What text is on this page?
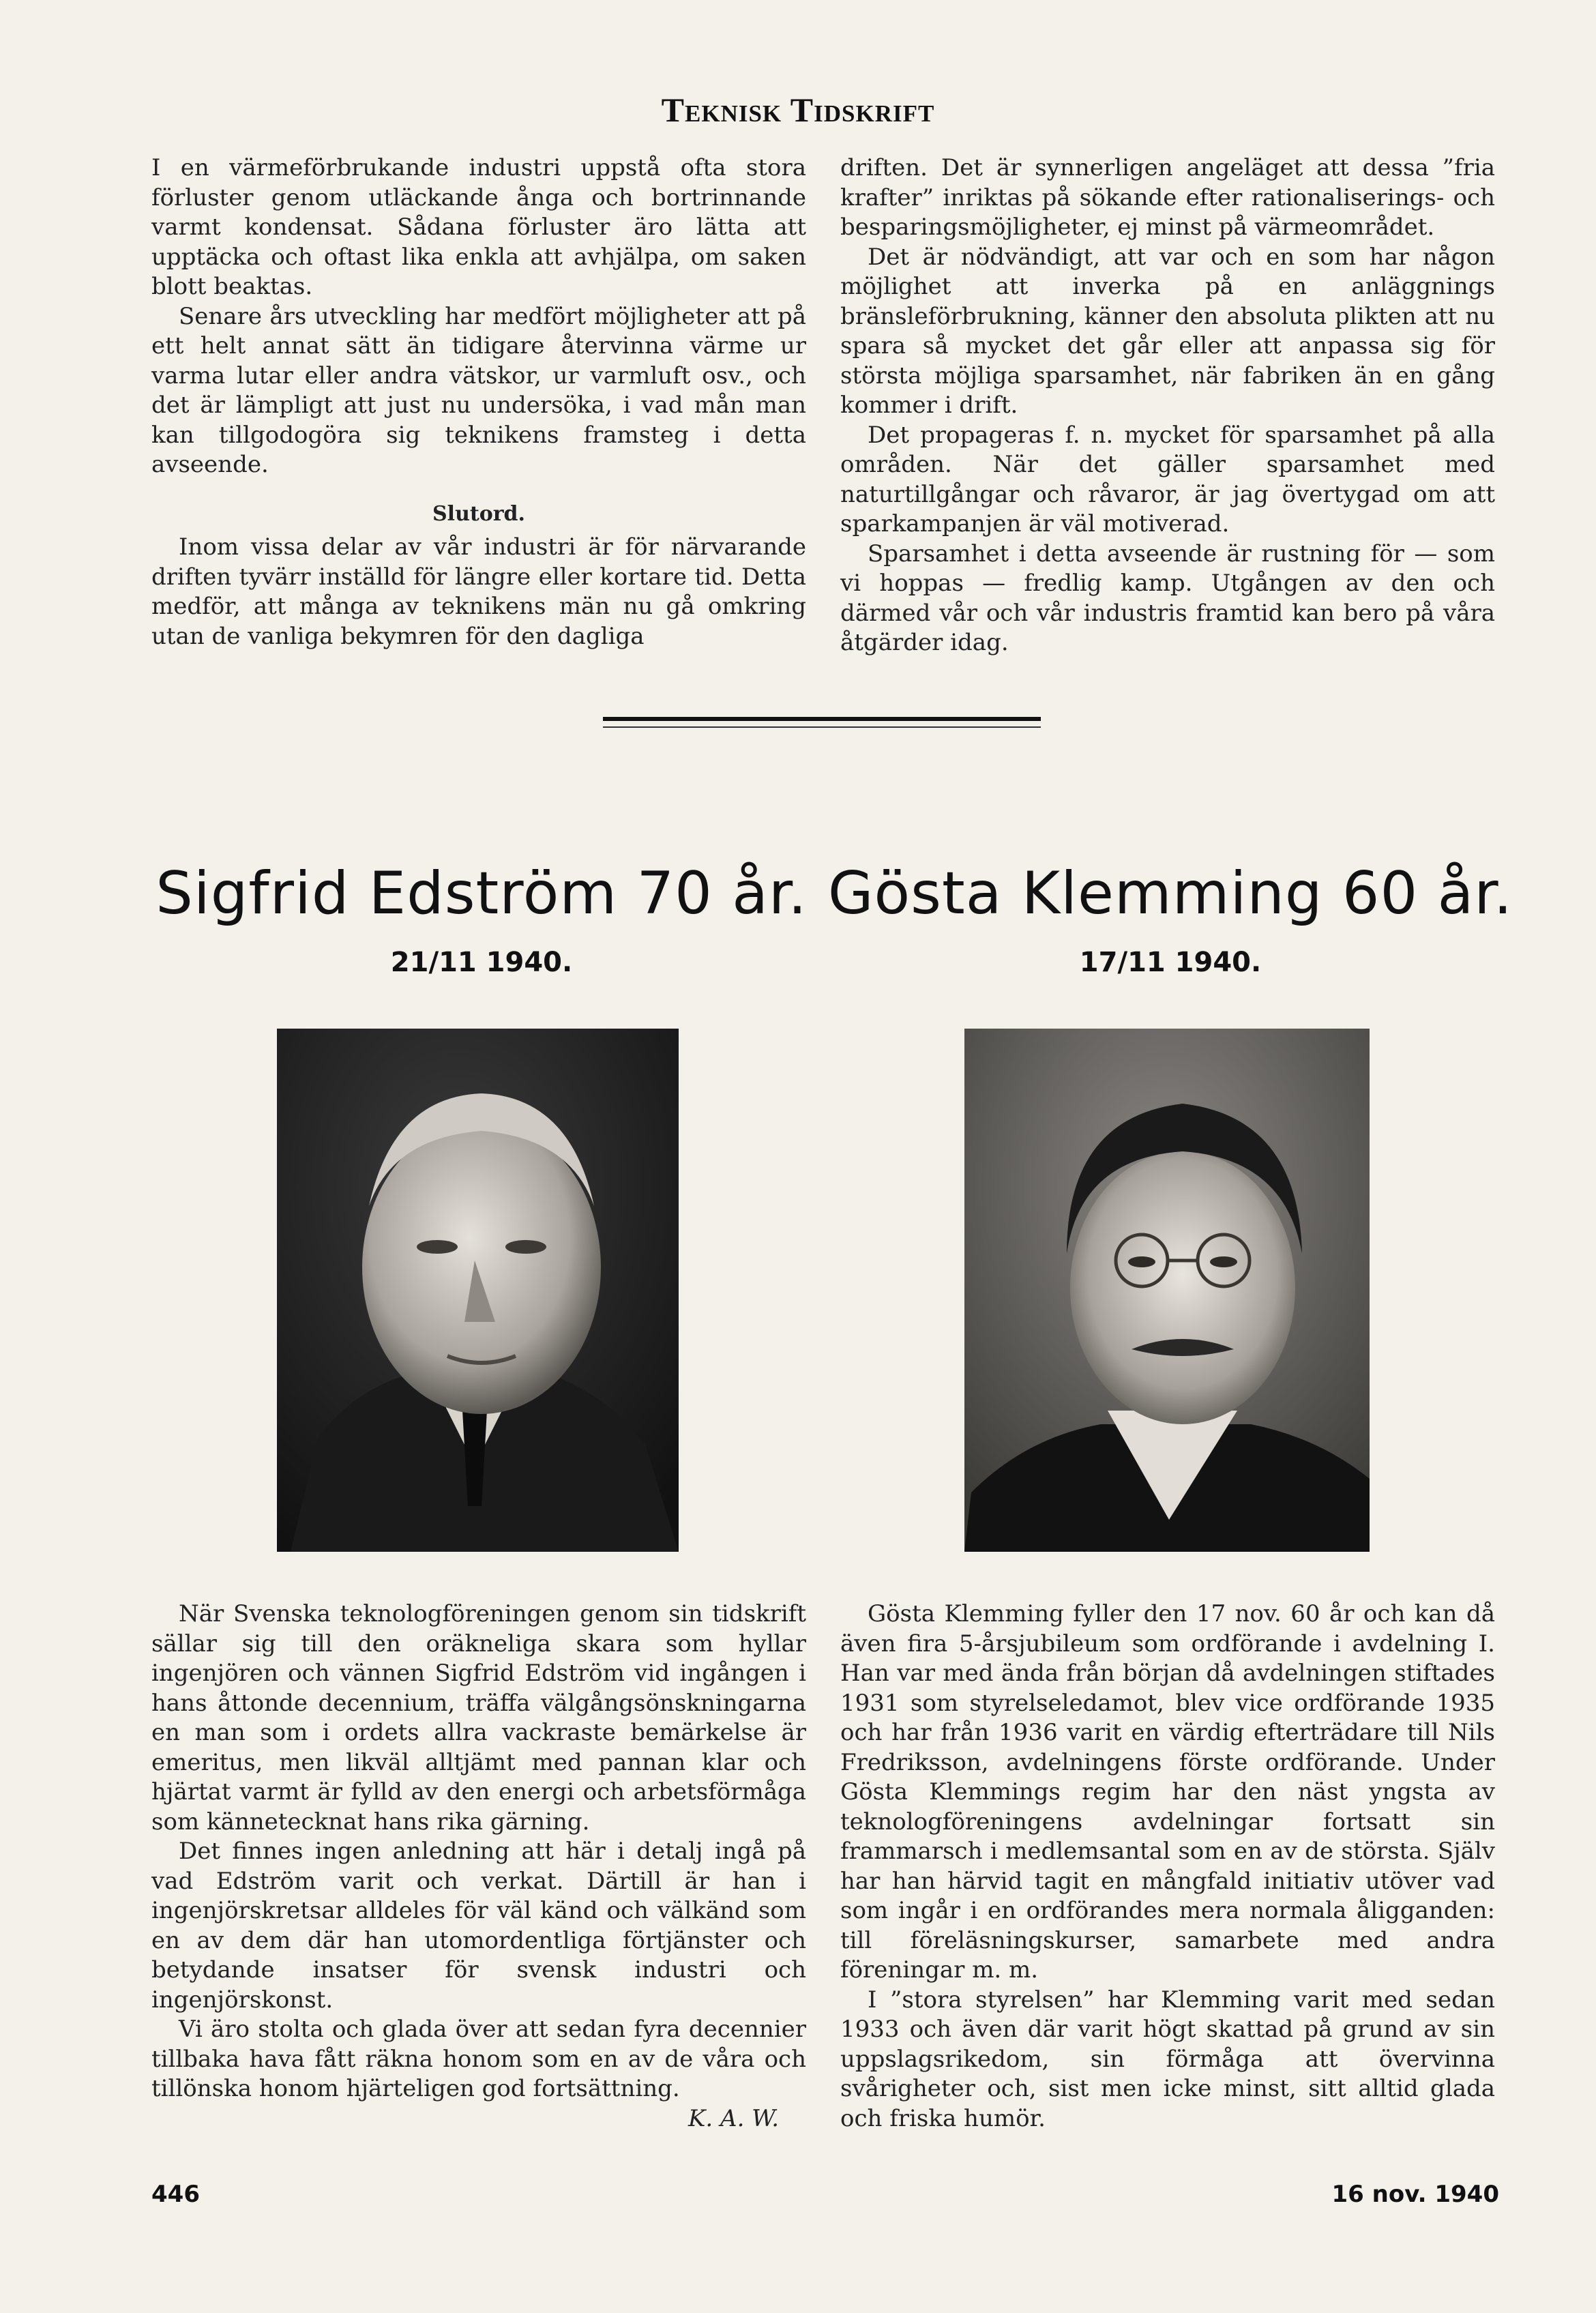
Teknisk Tidskrift

I en värmeförbrukande industri uppstå ofta stora förluster genom utläckande ånga och bortrinnande varmt kondensat. Sådana förluster äro lätta att upptäcka och oftast lika enkla att avhjälpa, om saken blott beaktas.

Senare års utveckling har medfört möjligheter att på ett helt annat sätt än tidigare återvinna värme ur varma lutar eller andra vätskor, ur varmluft osv., och det är lämpligt att just nu undersöka, i vad mån man kan tillgodogöra sig teknikens framsteg i detta avseende.

Slutord.

Inom vissa delar av vår industri är för närvarande driften tyvärr inställd för längre eller kortare tid. Detta medför, att många av teknikens män nu gå omkring utan de vanliga bekymren för den dagliga

driften. Det är synnerligen angeläget att dessa ”fria krafter” inriktas på sökande efter rationaliserings- och besparingsmöjligheter, ej minst på värmeområdet.

Det är nödvändigt, att var och en som har någon möjlighet att inverka på en anläggnings bränsleförbrukning, känner den absoluta plikten att nu spara så mycket det går eller att anpassa sig för största möjliga sparsamhet, när fabriken än en gång kommer i drift.

Det propageras f. n. mycket för sparsamhet på alla områden. När det gäller sparsamhet med naturtillgångar och råvaror, är jag övertygad om att sparkampanjen är väl motiverad.

Sparsamhet i detta avseende är rustning för — som vi hoppas — fredlig kamp. Utgången av den och därmed vår och vår industris framtid kan bero på våra åtgärder idag.

Sigfrid Edström 70 år.
21/11 1940.
Gösta Klemming 60 år.
17/11 1940.

När Svenska teknologföreningen genom sin tidskrift sällar sig till den oräkneliga skara som hyllar ingenjören och vännen Sigfrid Edström vid ingången i hans åttonde decennium, träffa välgångsönskningarna en man som i ordets allra vackraste bemärkelse är emeritus, men likväl alltjämt med pannan klar och hjärtat varmt är fylld av den energi och arbetsförmåga som kännetecknat hans rika gärning.

Det finnes ingen anledning att här i detalj ingå på vad Edström varit och verkat. Därtill är han i ingenjörskretsar alldeles för väl känd och välkänd som en av dem där han utomordentliga förtjänster och betydande insatser för svensk industri och ingenjörskonst.

Vi äro stolta och glada över att sedan fyra decennier tillbaka hava fått räkna honom som en av de våra och tillönska honom hjärteligen god fortsättning.

K. A. W.

Gösta Klemming fyller den 17 nov. 60 år och kan då även fira 5-årsjubileum som ordförande i avdelning I. Han var med ända från början då avdelningen stiftades 1931 som styrelseledamot, blev vice ordförande 1935 och har från 1936 varit en värdig efterträdare till Nils Fredriksson, avdelningens förste ordförande. Under Gösta Klemmings regim har den näst yngsta av teknologföreningens avdelningar fortsatt sin frammarsch i medlemsantal som en av de största. Själv har han härvid tagit en mångfald initiativ utöver vad som ingår i en ordförandes mera normala åligganden: till föreläsningskurser, samarbete med andra föreningar m. m.

I ”stora styrelsen” har Klemming varit med sedan 1933 och även där varit högt skattad på grund av sin uppslagsrikedom, sin förmåga att övervinna svårigheter och, sist men icke minst, sitt alltid glada och friska humör.

446	16 nov. 1940
